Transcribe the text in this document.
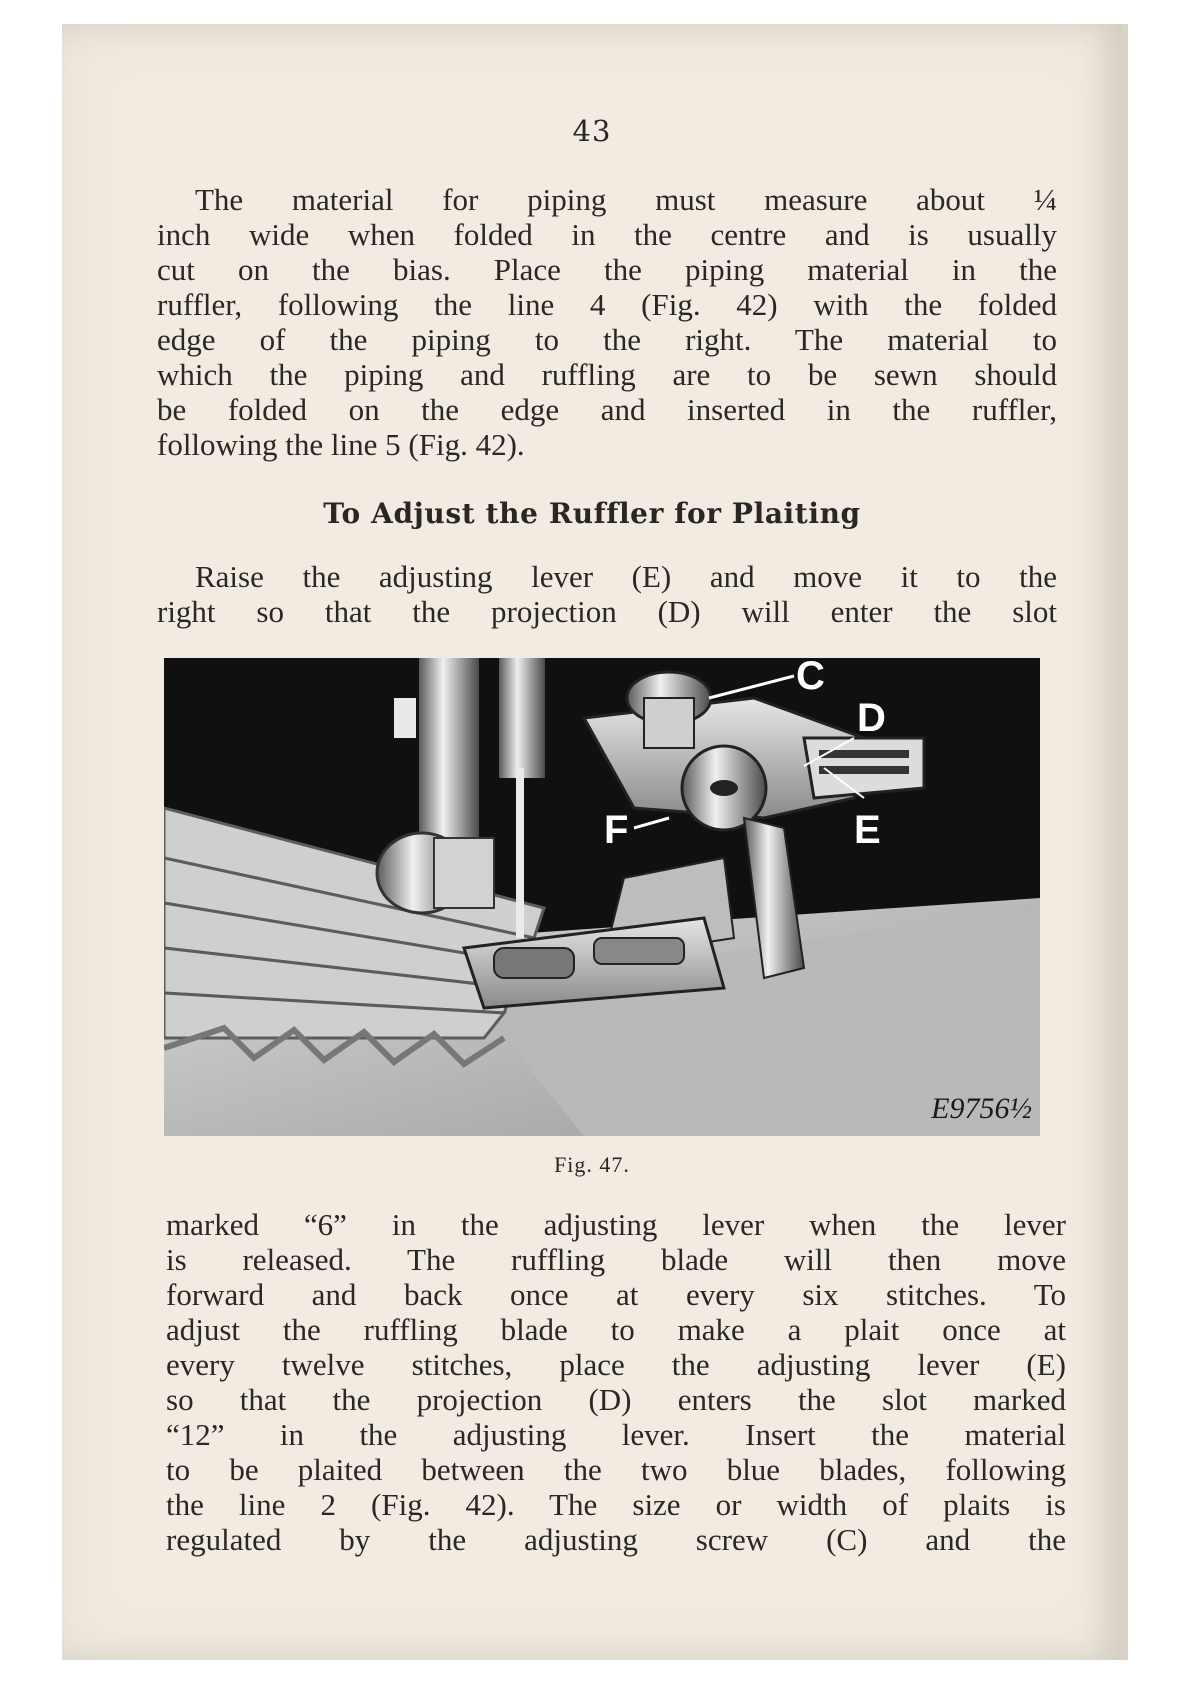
43
The material for piping must measure about ¼
inch wide when folded in the centre and is usually
cut on the bias. Place the piping material in the
ruffler, following the line 4 (Fig. 42) with the folded
edge of the piping to the right. The material to
which the piping and ruffling are to be sewn should
be folded on the edge and inserted in the ruffler,
following the line 5 (Fig. 42).
To Adjust the Ruffler for Plaiting
Raise the adjusting lever (E) and move it to the
right so that the projection (D) will enter the slot
C
D
E
F
E9756½
Fig. 47.
marked “6” in the adjusting lever when the lever
is released. The ruffling blade will then move
forward and back once at every six stitches. To
adjust the ruffling blade to make a plait once at
every twelve stitches, place the adjusting lever (E)
so that the projection (D) enters the slot marked
“12” in the adjusting lever. Insert the material
to be plaited between the two blue blades, following
the line 2 (Fig. 42). The size or width of plaits is
regulated by the adjusting screw (C) and the
